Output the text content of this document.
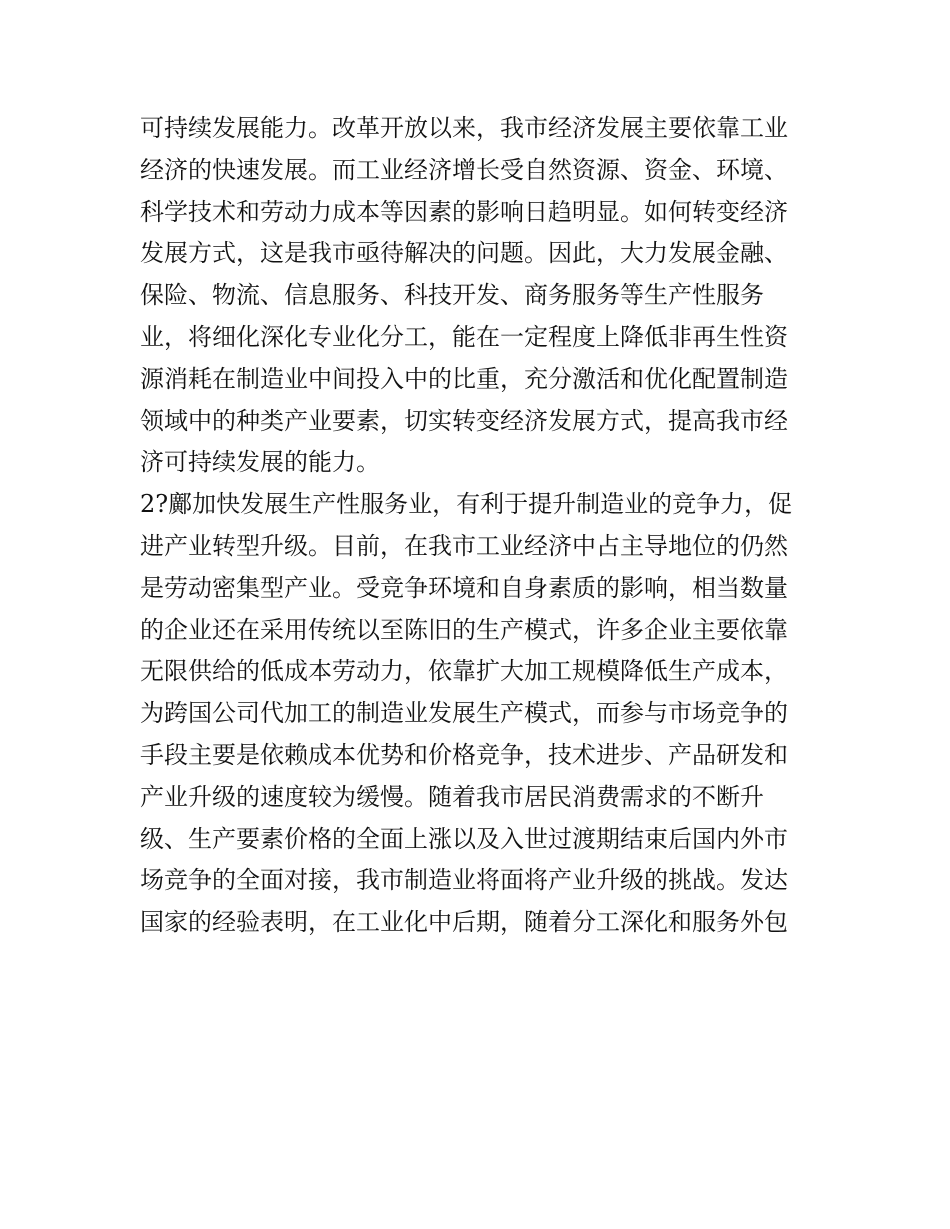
可持续发展能力。改革开放以来，我市经济发展主要依靠工业
经济的快速发展。而工业经济增长受自然资源、资金、环境、
科学技术和劳动力成本等因素的影响日趋明显。如何转变经济
发展方式，这是我市亟待解决的问题。因此，大力发展金融、
保险、物流、信息服务、科技开发、商务服务等生产性服务
业，将细化深化专业化分工，能在一定程度上降低非再生性资
源消耗在制造业中间投入中的比重，充分激活和优化配置制造
领域中的种类产业要素，切实转变经济发展方式，提高我市经
济可持续发展的能力。
2?鄺加快发展生产性服务业，有利于提升制造业的竞争力，促
进产业转型升级。目前，在我市工业经济中占主导地位的仍然
是劳动密集型产业。受竞争环境和自身素质的影响，相当数量
的企业还在采用传统以至陈旧的生产模式，许多企业主要依靠
无限供给的低成本劳动力，依靠扩大加工规模降低生产成本，
为跨国公司代加工的制造业发展生产模式，而参与市场竞争的
手段主要是依赖成本优势和价格竞争，技术进步、产品研发和
产业升级的速度较为缓慢。随着我市居民消费需求的不断升
级、生产要素价格的全面上涨以及入世过渡期结束后国内外市
场竞争的全面对接，我市制造业将面将产业升级的挑战。发达
国家的经验表明，在工业化中后期，随着分工深化和服务外包
